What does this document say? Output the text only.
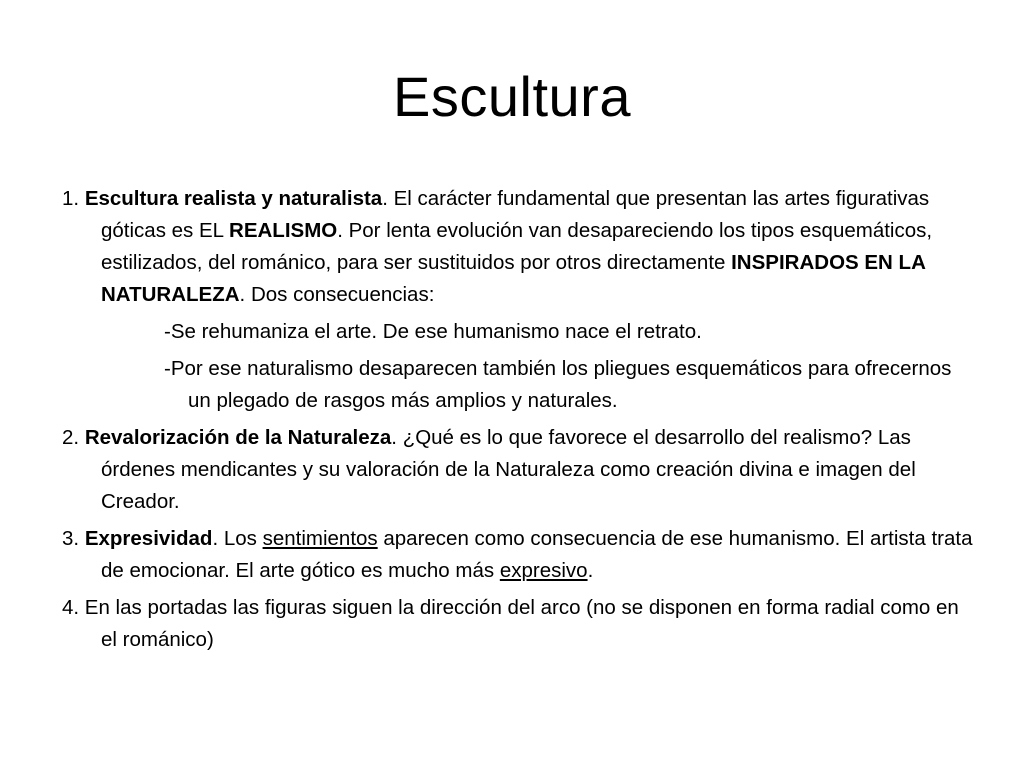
Escultura

1. Escultura realista y naturalista. El carácter fundamental que presentan las artes figurativas góticas es EL REALISMO. Por lenta evolución van desapareciendo los tipos esquemáticos, estilizados, del románico, para ser sustituidos por otros directamente INSPIRADOS EN LA NATURALEZA. Dos consecuencias:

-Se rehumaniza el arte. De ese humanismo nace el retrato.

-Por ese naturalismo desaparecen también los pliegues esquemáticos para ofrecernos un plegado de rasgos más amplios y naturales.

2. Revalorización de la Naturaleza. ¿Qué es lo que favorece el desarrollo del realismo? Las órdenes mendicantes y su valoración de la Naturaleza como creación divina e imagen del Creador.

3. Expresividad. Los sentimientos aparecen como consecuencia de ese humanismo. El artista trata de emocionar. El arte gótico es mucho más expresivo.

4. En las portadas las figuras siguen la dirección del arco (no se disponen en forma radial como en el románico)
